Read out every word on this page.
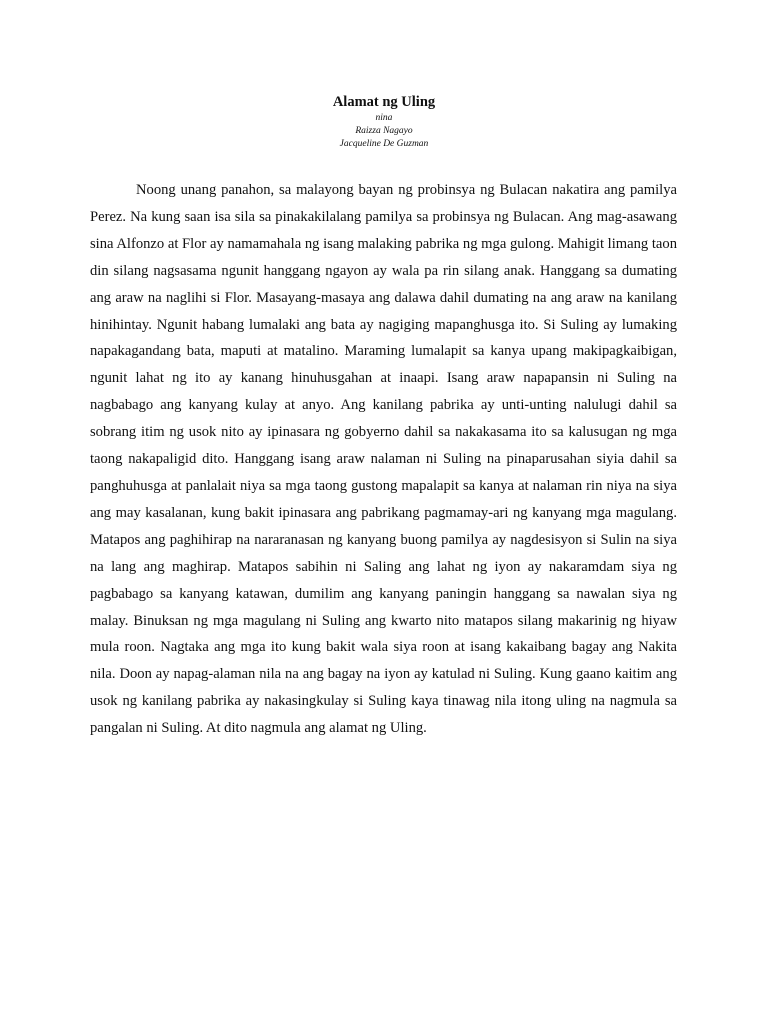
Alamat ng Uling

nina

Raizza Nagayo

Jacqueline De Guzman

Noong unang panahon, sa malayong bayan ng probinsya ng Bulacan nakatira ang pamilya Perez. Na kung saan isa sila sa pinakakilalang pamilya sa probinsya ng Bulacan. Ang mag-asawang sina Alfonzo at Flor ay namamahala ng isang malaking pabrika ng mga gulong. Mahigit limang taon din silang nagsasama ngunit hanggang ngayon ay wala pa rin silang anak. Hanggang sa dumating ang araw na naglihi si Flor. Masayang-masaya ang dalawa dahil dumating na ang araw na kanilang hinihintay. Ngunit habang lumalaki ang bata ay nagiging mapanghusga ito. Si Suling ay lumaking napakagandang bata, maputi at matalino. Maraming lumalapit sa kanya upang makipagkaibigan, ngunit lahat ng ito ay kanang hinuhusgahan at inaapi. Isang araw napapansin ni Suling na nagbabago ang kanyang kulay at anyo. Ang kanilang pabrika ay unti-unting nalulugi dahil sa sobrang itim ng usok nito ay ipinasara ng gobyerno dahil sa nakakasama ito sa kalusugan ng mga taong nakapaligid dito. Hanggang isang araw nalaman ni Suling na pinaparusahan siyia dahil sa panghuhusga at panlalait niya sa mga taong gustong mapalapit sa kanya at nalaman rin niya na siya ang may kasalanan, kung bakit ipinasara ang pabrikang pagmamay-ari ng kanyang mga magulang. Matapos ang paghihirap na nararanasan ng kanyang buong pamilya ay nagdesisyon si Sulin na siya na lang ang maghirap. Matapos sabihin ni Saling ang lahat ng iyon ay nakaramdam siya ng pagbabago sa kanyang katawan, dumilim ang kanyang paningin hanggang sa nawalan siya ng malay. Binuksan ng mga magulang ni Suling ang kwarto nito matapos silang makarinig ng hiyaw mula roon. Nagtaka ang mga ito kung bakit wala siya roon at isang kakaibang bagay ang Nakita nila. Doon ay napag-alaman nila na ang bagay na iyon ay katulad ni Suling. Kung gaano kaitim ang usok ng kanilang pabrika ay nakasingkulay si Suling kaya tinawag nila itong uling na nagmula sa pangalan ni Suling. At dito nagmula ang alamat ng Uling.
